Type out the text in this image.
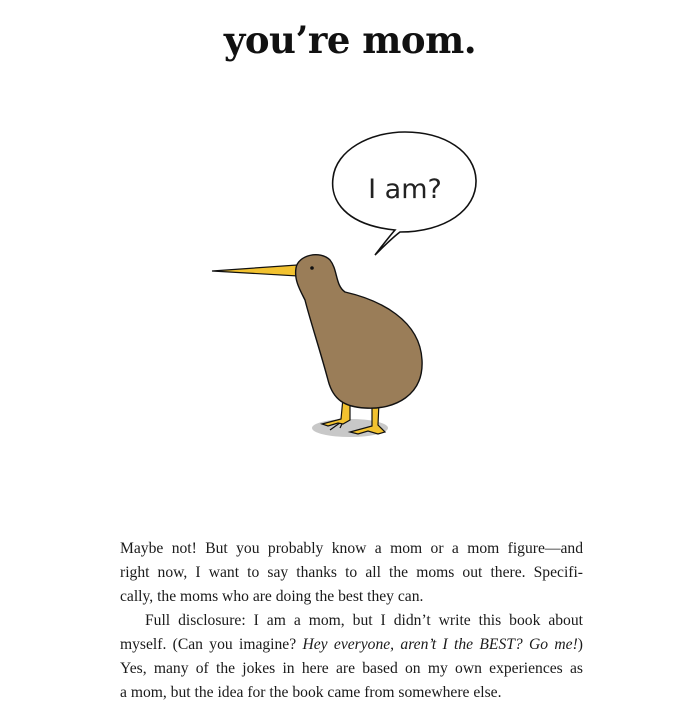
you’re mom.
I am?
Maybe not! But you probably know a mom or a mom figure—and
right now, I want to say thanks to all the moms out there. Specifi-
cally, the moms who are doing the best they can.
Full disclosure: I am a mom, but I didn’t write this book about
myself. (Can you imagine? Hey everyone, aren’t I the BEST? Go me!)
Yes, many of the jokes in here are based on my own experiences as
a mom, but the idea for the book came from somewhere else.
